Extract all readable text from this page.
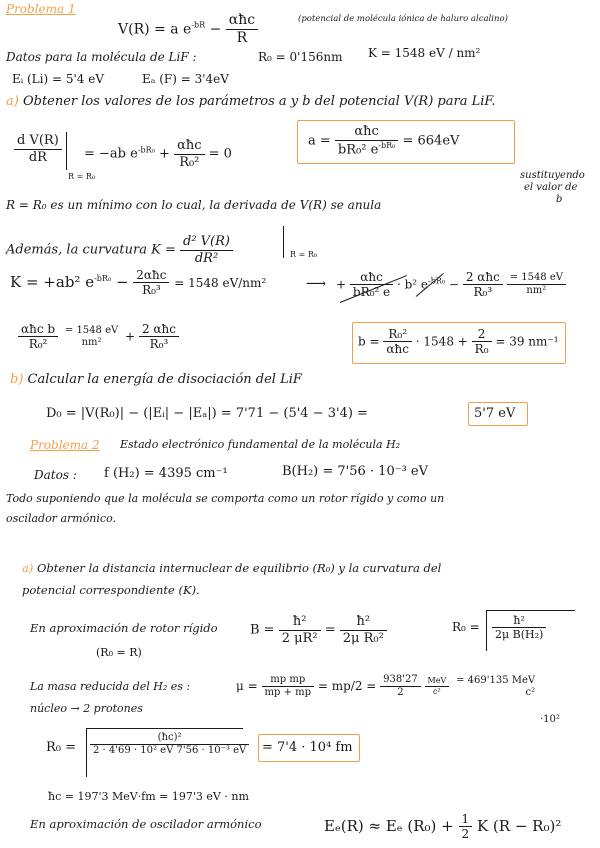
Problema 1
V(R) = a $e^{-bR} - \frac{\text{αħc}}{R}$	(potencial de molécula iónica de haluro alcalino)
Datos para la molécula de LiF :	R₀ = 0'156nm K = 1548 eV / nm²
Eᵢ (Li) = 5'4 eV	Eₐ (F) = 3'4eV
a) Obtener los valores de los parámetros a y b del potencial V(R) para LiF.
$\frac{\text{d V(R)}}{dR}$
R = R₀
= −ab $e^{-bR_0} + \frac{\text{αħc}}{\text{R₀²}} = 0$
$a = \frac{\text{αħc}}{bR_0^2 e^{-bR_0}} = 664eV$
sustituyendo
el valor de
b
R = R₀ es un mínimo con lo cual, la derivada de V(R) se anula
Además, la curvatura $K = \frac{\text{d² V(R)}}{\text{dR²}}$	R = R₀
K = +ab² $e^{-bR_0} - \frac{\text{2αħc}}{\text{R₀³}} = 1548$ eV/nm²	⟶ + $\frac{\text{αħc}}{\text{bR₀² e}} \cdot b^2$ $e^{-bR_0} - \frac{\text{2 αħc}}{\text{R₀³}}$
$\frac{= 1548 eV}{\text{nm²}}$
$\frac{\text{αħc b}}{\text{R₀²}}$
= 1548 eV
nm²	+ $\frac{\text{2 αħc}}{\text{R₀³}}$	$b = \frac{\text{R₀²}}{\text{αħc}} \cdot 1548 + \frac{2}{\text{R₀}} = 39$ nm⁻¹
b) Calcular la energía de disociación del LiF
D₀ = |V(R₀)| − (|Eᵢ| − |Eₐ|) = 7'71 − (5'4 − 3'4) =	5'7 eV
Problema 2 Estado electrónico fundamental de la molécula H₂
Datos : f (H₂) = 4395 cm⁻¹	B(H₂) = 7'56 · 10⁻³ eV
Todo suponiendo que la molécula se comporta como un rotor rígido y como un
oscilador armónico.
a) Obtener la distancia internuclear de equilibrio (R₀) y la curvatura del
potencial correspondiente (K).
En aproximación de rotor rígido
(R₀ = R)
$B = \frac{\text{ħ²}}{\text{2 μR²}} = \frac{\text{ħ²}}{\text{2μ R₀²}}$	$R_0 = \frac{\text{ħ²}}{\text{2μ B(H₂)}}$
La masa reducida del H₂ es :
núcleo → 2 protones
$\mu = \frac{\text{mp mp}}{mp + mp} = mp/2 = \frac{938'27}{2}$
$\frac{\text{MeV}}{\text{c²}}$
= 469'135 MeV
c²
·10²
$R_0 = \frac{\text{(ħc)²}}{\text{2 · 4'69 · 10² eV 7'56 · 10⁻³ eV}} = 7'4 \cdot 10^4$ fm
ħc = 197'3 MeV·fm = 197'3 eV · nm
En aproximación de oscilador armónico	Eₑ(R) ≈ Eₑ $(R_0) + \frac{1}{2}$ K (R − R₀)²
